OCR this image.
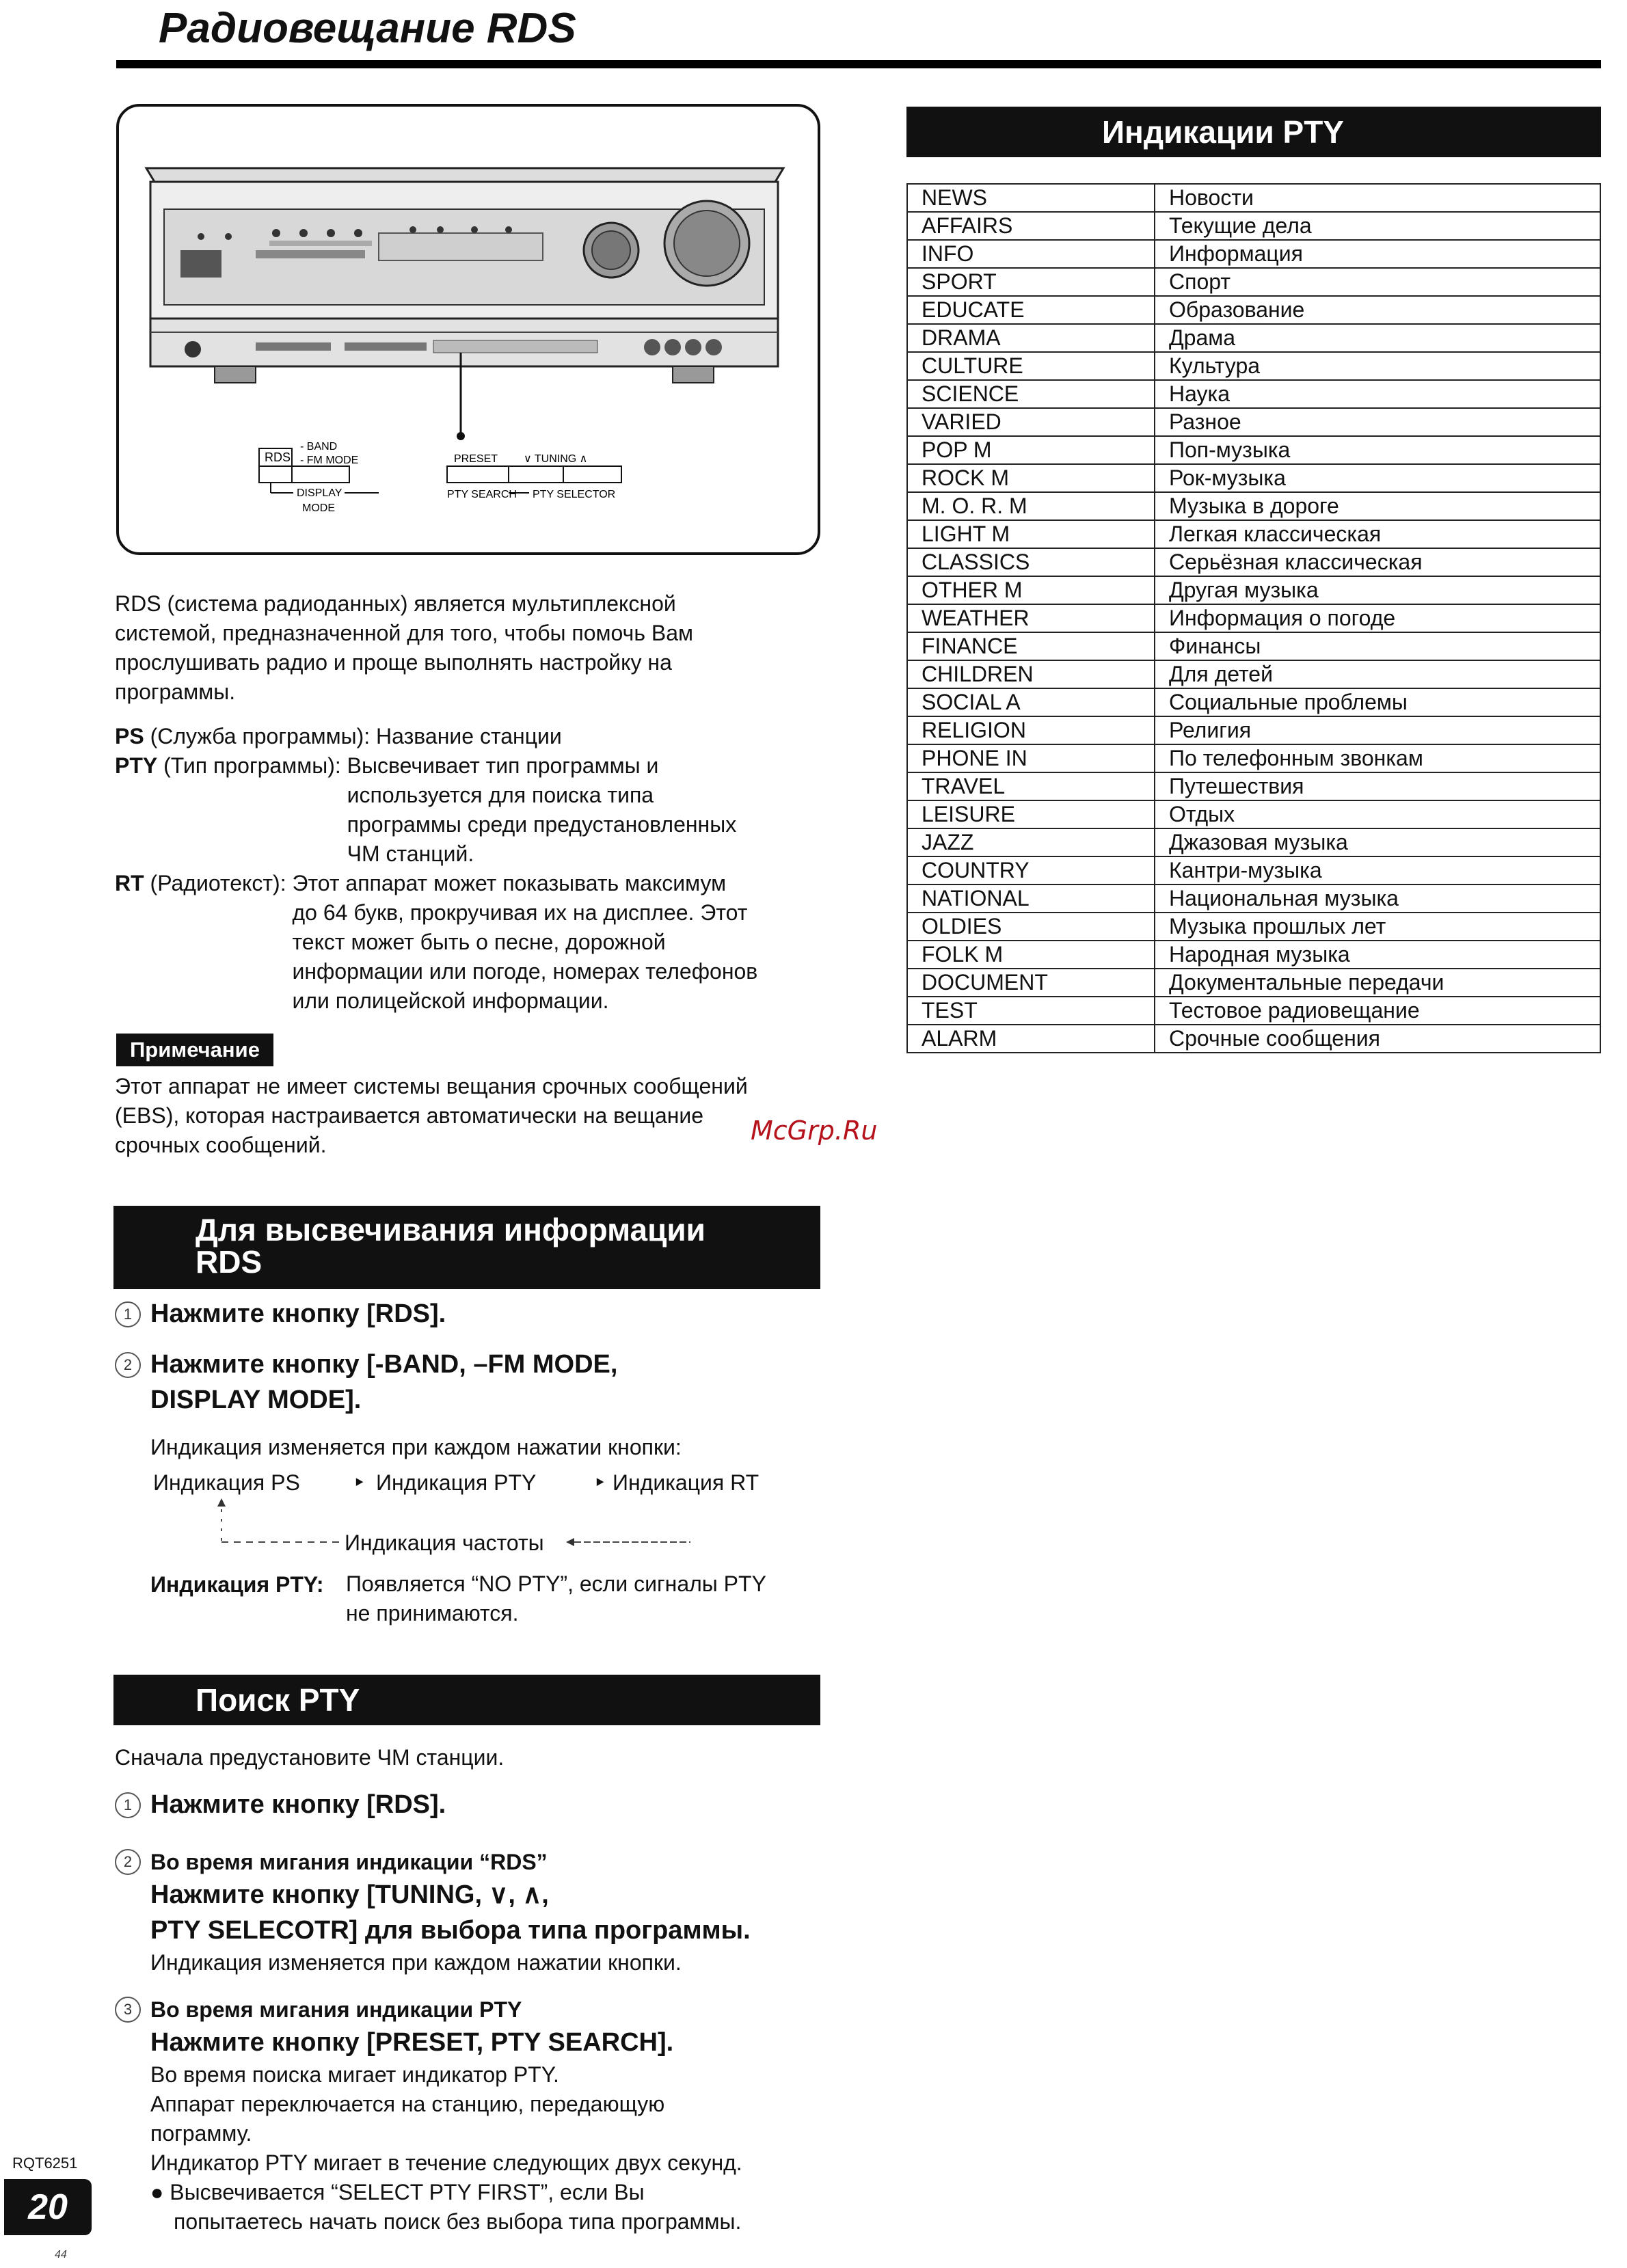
Радиовещание RDS
RDS
- BAND
- FM MODE
DISPLAY
MODE
PRESET ∨ TUNING ∧
PTY SEARCH PTY SELECTOR

RDS (система радиоданных) является мультиплексной

системой, предназначенной для того, чтобы помочь Вам

прослушивать радио и проще выполнять настройку на

программы.

PS (Служба программы): Название станции
PTY (Тип программы): Высвечивает тип программы и
используется для поиска типа
программы среди предустановленных
ЧМ станций.
RT (Радиотекст): Этот аппарат может показывать максимум
до 64 букв, прокручивая их на дисплее. Этот
текст может быть о песне, дорожной
информации или погоде, номерах телефонов
или полицейской информации.
Примечание

Этот аппарат не имеет системы вещания срочных сообщений

(EBS), которая настраивается автоматически на вещание

срочных сообщений.	McGrp.Ru
Для высвечивания информации
RDS
1 Нажмите кнопку [RDS].
2 Нажмите кнопку [-BAND, –FM MODE,
DISPLAY MODE].
Индикация изменяется при каждом нажатии кнопки:
Индикация PS ‣ Индикация PTY	‣ Индикация RT
Индикация частоты
Индикация PTY: Появляется “NO PTY”, если сигналы PTY
не принимаются.
Поиск PTY
Сначала предустановите ЧМ станции.
1 Нажмите кнопку [RDS].
2 Во время мигания индикации “RDS”
Нажмите кнопку [TUNING, ∨, ∧,
PTY SELECOTR] для выбора типа программы.
Индикация изменяется при каждом нажатии кнопки.
3 Во время мигания индикации PTY
Нажмите кнопку [PRESET, PTY SEARCH].
Во время поиска мигает индикатор PTY.
Аппарат переключается на станцию, передающую
пограмму.
Индикатор PTY мигает в течение следующих двух секунд.
● Высвечивается “SELECT PTY FIRST”, если Вы
попытаетесь начать поиск без выбора типа программы.
Индикации PTY
NEWS	Новости
AFFAIRS	Текущие дела
INFO	Информация
SPORT	Спорт
EDUCATE	Образование
DRAMA	Драма
CULTURE	Культура
SCIENCE	Наука
VARIED	Разное
POP M	Поп-музыка
ROCK M	Рок-музыка
M. O. R. M	Музыка в дороге
LIGHT M	Легкая классическая
CLASSICS	Серьёзная классическая
OTHER M	Другая музыка
WEATHER	Информация о погоде
FINANCE	Финансы
CHILDREN	Для детей
SOCIAL A	Социальные проблемы
RELIGION	Религия
PHONE IN	По телефонным звонкам
TRAVEL	Путешествия
LEISURE	Отдых
JAZZ	Джазовая музыка
COUNTRY	Кантри-музыка
NATIONAL	Национальная музыка
OLDIES	Музыка прошлых лет
FOLK M	Народная музыка
DOCUMENT	Документальные передачи
TEST	Тестовое радиовещание
ALARM	Срочные сообщения
RQT6251
20
44
